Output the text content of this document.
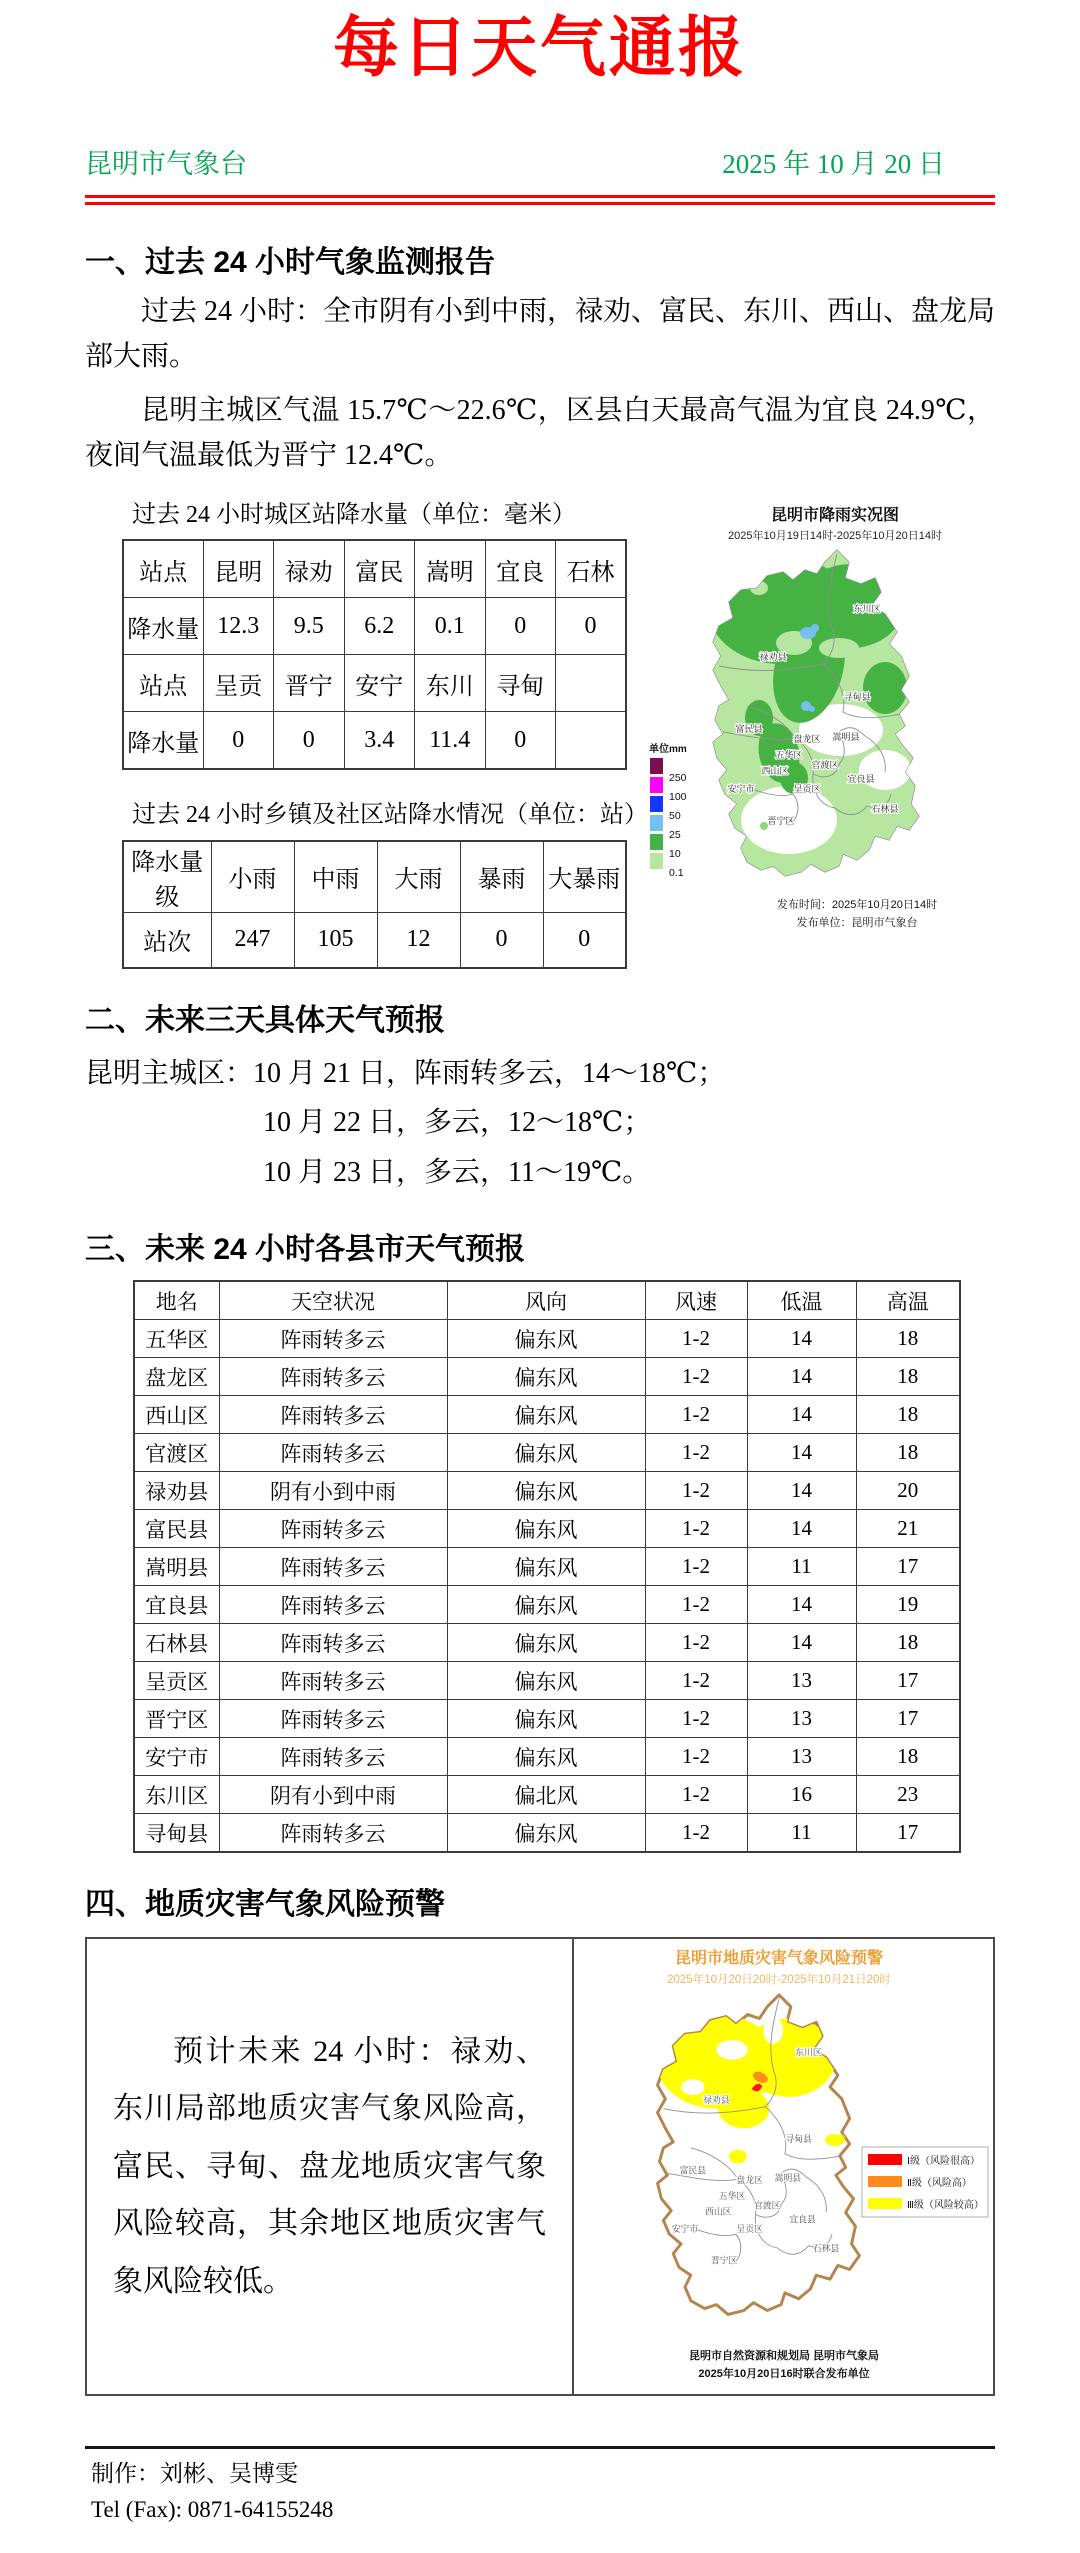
每日天气通报
昆明市气象台	2025 年 10 月 20 日
一、过去 24 小时气象监测报告

过去 24 小时：全市阴有小到中雨，禄劝、富民、东川、西山、盘龙局部大雨。

昆明主城区气温 15.7℃～22.6℃，区县白天最高气温为宜良 24.9℃，夜间气温最低为晋宁 12.4℃。

过去 24 小时城区站降水量（单位：毫米）
站点	昆明	禄劝	富民	嵩明	宜良	石林
降水量	12.3	9.5	6.2	0.1	0	0
站点	呈贡	晋宁	安宁	东川	寻甸	
降水量	0	0	3.4	11.4	0	
过去 24 小时乡镇及社区站降水情况（单位：站）
降水量级	小雨	中雨	大雨	暴雨	大暴雨
站次	247	105	12	0	0
昆明市降雨实况图
2025年10月19日14时-2025年10月20日14时
东川区
禄劝县
寻甸县
富民县
盘龙区 嵩明县
五华区
西山区
官渡区
宜良县
安宁市	呈贡区
晋宁区
石林县
单位mm
250
100
50
25
10
0.1
发布时间：2025年10月20日14时
发布单位：昆明市气象台
二、未来三天具体天气预报

昆明主城区：10 月 21 日，阵雨转多云，14～18℃；

10 月 22 日，多云，12～18℃；

10 月 23 日，多云，11～19℃。

三、未来 24 小时各县市天气预报
地名	天空状况	风向	风速	低温	高温
五华区	阵雨转多云	偏东风	1-2	14	18
盘龙区	阵雨转多云	偏东风	1-2	14	18
西山区	阵雨转多云	偏东风	1-2	14	18
官渡区	阵雨转多云	偏东风	1-2	14	18
禄劝县	阴有小到中雨	偏东风	1-2	14	20
富民县	阵雨转多云	偏东风	1-2	14	21
嵩明县	阵雨转多云	偏东风	1-2	11	17
宜良县	阵雨转多云	偏东风	1-2	14	19
石林县	阵雨转多云	偏东风	1-2	14	18
呈贡区	阵雨转多云	偏东风	1-2	13	17
晋宁区	阵雨转多云	偏东风	1-2	13	17
安宁市	阵雨转多云	偏东风	1-2	13	18
东川区	阴有小到中雨	偏北风	1-2	16	23
寻甸县	阵雨转多云	偏东风	1-2	11	17
四、地质灾害气象风险预警

预计未来 24 小时：禄劝、东川局部地质灾害气象风险高，富民、寻甸、盘龙地质灾害气象风险较高，其余地区地质灾害气象风险较低。

昆明市地质灾害气象风险预警
2025年10月20日20时-2025年10月21日20时
东川区
禄劝县
寻甸县
富民县
盘龙区 嵩明县
五华区
西山区
官渡区
宜良县
安宁市	呈贡区
晋宁区
石林县
Ⅰ级（风险很高）
Ⅱ级（风险高）
Ⅲ级（风险较高）
昆明市自然资源和规划局 昆明市气象局
2025年10月20日16时联合发布单位

制作：刘彬、吴博雯

Tel (Fax): 0871-64155248
